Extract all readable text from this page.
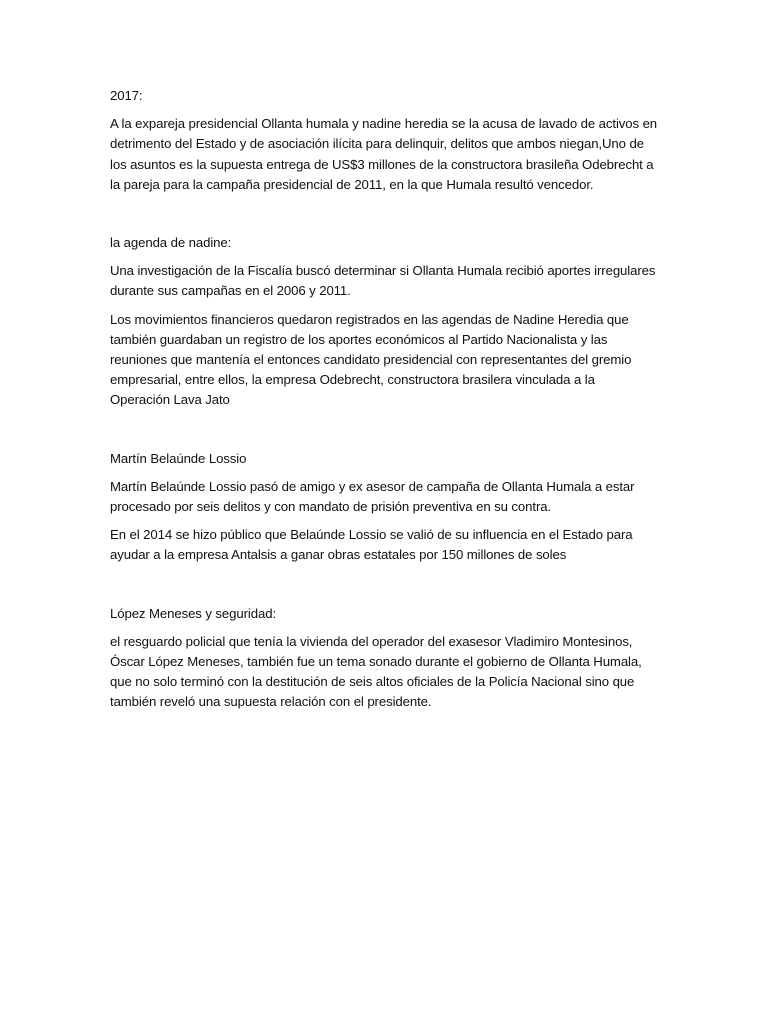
2017:

A la expareja presidencial Ollanta humala y nadine heredia se la acusa de lavado de activos en
detrimento del Estado y de asociación ilícita para delinquir, delitos que ambos niegan,Uno de
los asuntos es la supuesta entrega de US$3 millones de la constructora brasileña Odebrecht a
la pareja para la campaña presidencial de 2011, en la que Humala resultó vencedor.

la agenda de nadine:

Una investigación de la Fiscalía buscó determinar si Ollanta Humala recibió aportes irregulares
durante sus campañas en el 2006 y 2011.
Los movimientos financieros quedaron registrados en las agendas de Nadine Heredia que
también guardaban un registro de los aportes económicos al Partido Nacionalista y las
reuniones que mantenía el entonces candidato presidencial con representantes del gremio
empresarial, entre ellos, la empresa Odebrecht, constructora brasilera vinculada a la
Operación Lava Jato

Martín Belaúnde Lossio

Martín Belaúnde Lossio pasó de amigo y ex asesor de campaña de Ollanta Humala a estar
procesado por seis delitos y con mandato de prisión preventiva en su contra.
En el 2014 se hizo público que Belaúnde Lossio se valió de su influencia en el Estado para
ayudar a la empresa Antalsis a ganar obras estatales por 150 millones de soles

López Meneses y seguridad:

el resguardo policial que tenía la vivienda del operador del exasesor Vladimiro Montesinos,
Óscar López Meneses, también fue un tema sonado durante el gobierno de Ollanta Humala,
que no solo terminó con la destitución de seis altos oficiales de la Policía Nacional sino que
también reveló una supuesta relación con el presidente.
